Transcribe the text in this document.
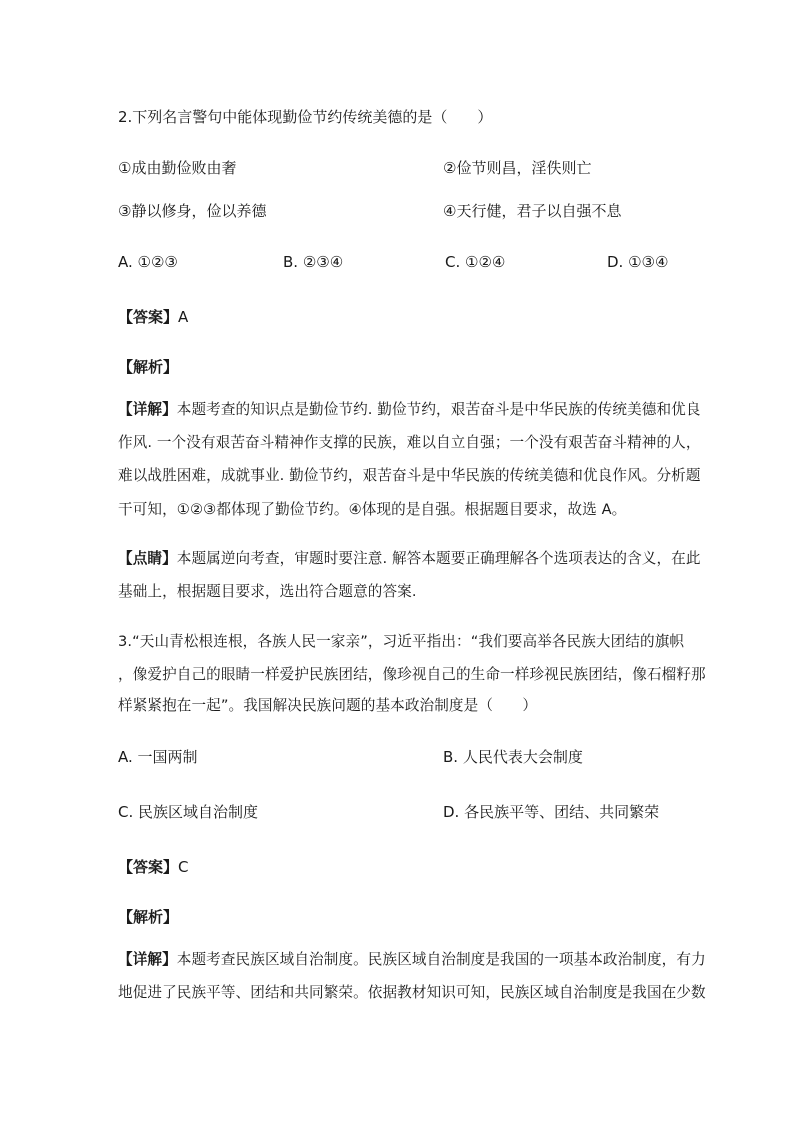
2.下列名言警句中能体现勤俭节约传统美德的是（　　）
①成由勤俭败由奢	②俭节则昌，淫佚则亡
③静以修身，俭以养德	④天行健，君子以自强不息
A. ①②③	B. ②③④	C. ①②④	D. ①③④
【答案】A
【解析】
【详解】本题考查的知识点是勤俭节约. 勤俭节约，艰苦奋斗是中华民族的传统美德和优良
作风. 一个没有艰苦奋斗精神作支撑的民族，难以自立自强；一个没有艰苦奋斗精神的人，
难以战胜困难，成就事业. 勤俭节约，艰苦奋斗是中华民族的传统美德和优良作风。分析题
干可知，①②③都体现了勤俭节约。④体现的是自强。根据题目要求，故选 A。
【点睛】本题属逆向考查，审题时要注意. 解答本题要正确理解各个选项表达的含义，在此
基础上，根据题目要求，选出符合题意的答案.
3.“天山青松根连根，各族人民一家亲”，习近平指出：“我们要高举各民族大团结的旗帜
，像爱护自己的眼睛一样爱护民族团结，像珍视自己的生命一样珍视民族团结，像石榴籽那
样紧紧抱在一起”。我国解决民族问题的基本政治制度是（　　）
A. 一国两制	B. 人民代表大会制度
C. 民族区域自治制度	D. 各民族平等、团结、共同繁荣
【答案】C
【解析】
【详解】本题考查民族区域自治制度。民族区域自治制度是我国的一项基本政治制度，有力
地促进了民族平等、团结和共同繁荣。依据教材知识可知，民族区域自治制度是我国在少数
